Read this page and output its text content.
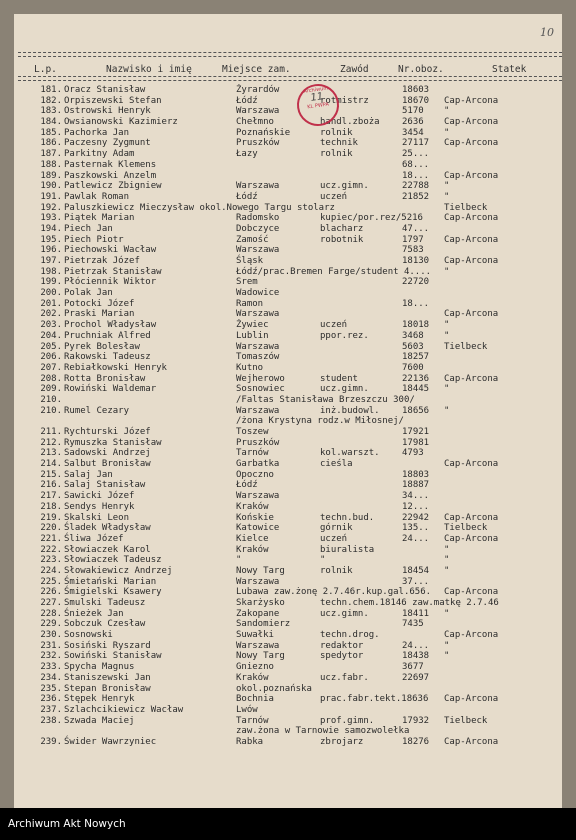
10
L.p.	Nazwisko i imię	Miejsce zam.	Zawód	Nr.oboz.	Statek
181. Oracz Stanisław	Żyrardów	18603
182. Orpiszewski Stefan	Łódź	rotmistrz	18670 Cap-Arcona
183. Ostrowski Henryk	Warszawa	5170 "
184. Owsianowski Kazimierz	Chełmno	handl.zboża 2636 Cap-Arcona
185. Pachorka Jan	Poznańskie	rolnik	3454 "
186. Paczesny Zygmunt	Pruszków	technik	27117 Cap-Arcona
187. Parkitny Adam	Łazy	rolnik	25...
188. Pasternak Klemens	68...
189. Paszkowski Anzelm	18... Cap-Arcona
190. Patlewicz Zbigniew	Warszawa	ucz.gimn.	22788 "
191. Pawlak Roman	Łódź	uczeń	21852 "
192. Paluszkiewicz Mieczysław okol.Nowego Targu stolarz	Tielbeck
193. Piątek Marian	Radomsko	kupiec/por.rez/5216 Cap-Arcona
194. Piech Jan	Dobczyce	blacharz	47...
195. Piech Piotr	Zamość	robotnik	1797 Cap-Arcona
196. Piechowski Wacław	Warszawa	7583
197. Pietrzak Józef	Śląsk	18130 Cap-Arcona
198. Pietrzak Stanisław	Łódź/prac.Bremen Farge/student 4.... "
199. Płóciennik Wiktor	Srem	22720
200. Polak Jan	Wadowice
201. Potocki Józef	Ramon	18...
202. Praski Marian	Warszawa	Cap-Arcona
203. Prochol Władysław	Żywiec	uczeń	18018 "
204. Pruchniak Alfred	Lublin	ppor.rez.	3468 "
205. Pyrek Bolesław	Warszawa	5603 Tielbeck
206. Rakowski Tadeusz	Tomaszów	18257
207. Rebiałkowski Henryk	Kutno	7600
208. Rotta Bronisław	Wejherowo	student	22136 Cap-Arcona
209. Rowiński Waldemar	Sosnowiec	ucz.gimn.	18445 "
210.	/Faltas Stanisława Brzeszczu 300/
210. Rumel Cezary	Warszawa	inż.budowl. 18656 "
/żona Krystyna rodz.w Miłosnej/
211. Rychturski Józef	Toszew	17921
212. Rymuszka Stanisław	Pruszków	17981
213. Sadowski Andrzej	Tarnów	kol.warszt. 4793
214. Salbut Bronisław	Garbatka	cieśla	Cap-Arcona
215. Salaj Jan	Opoczno	18803
216. Salaj Stanisław	Łódź	18887
217. Sawicki Józef	Warszawa	34...
218. Sendys Henryk	Kraków	12...
219. Skalski Leon	Końskie	techn.bud.	22942 Cap-Arcona
220. Śladek Władysław	Katowice	górnik	135.. Tielbeck
221. Śliwa Józef	Kielce	uczeń	24... Cap-Arcona
222. Słowiaczek Karol	Kraków	biuralista	"
223. Słowiaczek Tadeusz	"	"	"
224. Słowakiewicz Andrzej	Nowy Targ	rolnik	18454 "
225. Śmietański Marian	Warszawa	37...
226. Śmigielski Ksawery	Lubawa zaw.żonę 2.7.46r.kup.gal.656. Cap-Arcona
227. Smulski Tadeusz	Skarżysko	techn.chem.18146 zaw.matkę 2.7.46
228. Śnieżek Jan	Zakopane	ucz.gimn.	18411 "
229. Sobczuk Czesław	Sandomierz	7435
230. Sosnowski	Suwałki	techn.drog.	Cap-Arcona
231. Sosiński Ryszard	Warszawa	redaktor	24... "
232. Sowiński Stanisław	Nowy Targ	spedytor	18438 "
233. Spycha Magnus	Gniezno	3677
234. Staniszewski Jan	Kraków	ucz.fabr.	22697
235. Stepan Bronisław	okol.poznańska
236. Stępek Henryk	Bochnia	prac.fabr.tekt.18636 Cap-Arcona
237. Szlachcikiewicz Wacław	Lwów
238. Szwada Maciej	Tarnów	prof.gimn.	17932 Tielbeck
zaw.żona w Tarnowie samozwolełka
239. Świder Wawrzyniec	Rabka	zbrojarz	18276 Cap-Arcona
Archiwum
11
KL PWPA
Archiwum Akt Nowych
